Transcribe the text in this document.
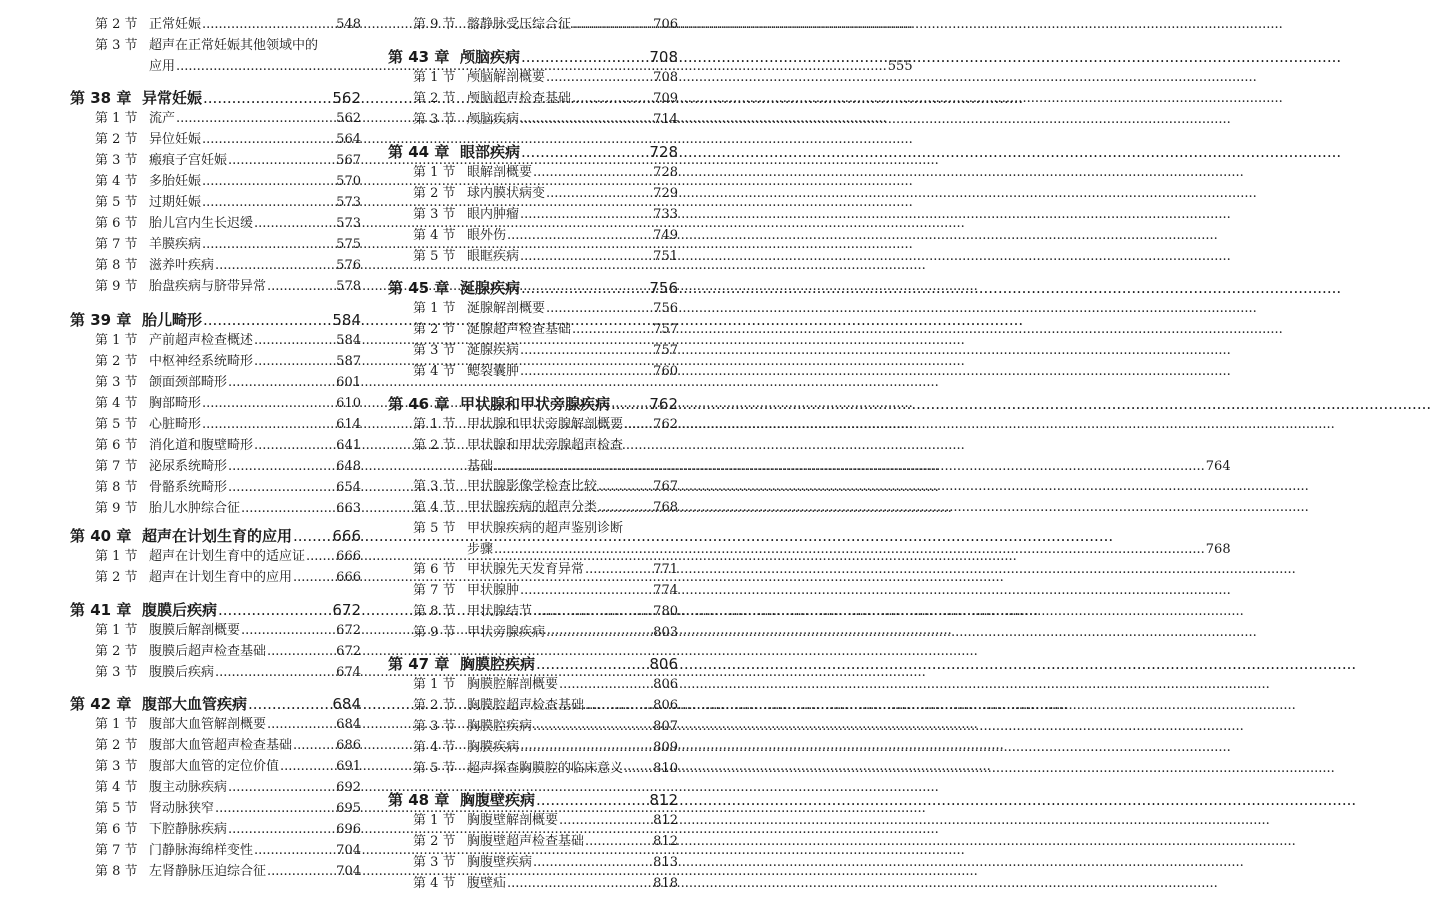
第 2 节 正常妊娠 .....	548
第 3 节 超声在正常妊娠其他领域中的
应用 .....	555
第 38 章 异常妊娠 .....	562
第 1 节 流产 .....	562
第 2 节 异位妊娠 .....	564
第 3 节 瘢痕子宫妊娠 .....	567
第 4 节 多胎妊娠 .....	570
第 5 节 过期妊娠 .....	573
第 6 节 胎儿宫内生长迟缓 .....	573
第 7 节 羊膜疾病 .....	575
第 8 节 滋养叶疾病 .....	576
第 9 节 胎盘疾病与脐带异常 .....	578
第 39 章 胎儿畸形 .....	584
第 1 节 产前超声检查概述 .....	584
第 2 节 中枢神经系统畸形 .....	587
第 3 节 颌面颈部畸形 .....	601
第 4 节 胸部畸形 .....	610
第 5 节 心脏畸形 .....	614
第 6 节 消化道和腹壁畸形 .....	641
第 7 节 泌尿系统畸形 .....	648
第 8 节 骨骼系统畸形 .....	654
第 9 节 胎儿水肿综合征 .....	663
第 40 章 超声在计划生育的应用 .....	666
第 1 节 超声在计划生育中的适应证 ..... 666
第 2 节 超声在计划生育中的应用 .....	666
第 41 章 腹膜后疾病 .....	672
第 1 节 腹膜后解剖概要 .....	672
第 2 节 腹膜后超声检查基础 .....	672
第 3 节 腹膜后疾病 .....	674
第 42 章 腹部大血管疾病 .....	684
第 1 节 腹部大血管解剖概要 .....	684
第 2 节 腹部大血管超声检查基础 .....	686
第 3 节 腹部大血管的定位价值 .....	691
第 4 节 腹主动脉疾病 .....	692
第 5 节 肾动脉狭窄 .....	695
第 6 节 下腔静脉疾病 .....	696
第 7 节 门静脉海绵样变性 .....	704
第 8 节 左肾静脉压迫综合征 .....	704
第 9 节 髂静脉受压综合征 .....	706
第 43 章 颅脑疾病 .....	708
第 1 节 颅脑解剖概要 .....	708
第 2 节 颅脑超声检查基础 .....	709
第 3 节 颅脑疾病 .....	714
第 44 章 眼部疾病 .....	728
第 1 节 眼解剖概要 .....	728
第 2 节 球内膜状病变 .....	729
第 3 节 眼内肿瘤 .....	733
第 4 节 眼外伤 .....	749
第 5 节 眼眶疾病 .....	751
第 45 章 涎腺疾病 .....	756
第 1 节 涎腺解剖概要 .....	756
第 2 节 涎腺超声检查基础 .....	757
第 3 节 涎腺疾病 .....	757
第 4 节 鳃裂囊肿 .....	760
第 46 章 甲状腺和甲状旁腺疾病 .....	762
第 1 节 甲状腺和甲状旁腺解剖概要 ..... 762
第 2 节 甲状腺和甲状旁腺超声检查
基础 .....	764
第 3 节 甲状腺影像学检查比较 .....	767
第 4 节 甲状腺疾病的超声分类 .....	768
第 5 节 甲状腺疾病的超声鉴别诊断
步骤 .....	768
第 6 节 甲状腺先天发育异常 .....	771
第 7 节 甲状腺肿 .....	774
第 8 节 甲状腺结节 .....	780
第 9 节 甲状旁腺疾病 .....	803
第 47 章 胸膜腔疾病 .....	806
第 1 节 胸膜腔解剖概要 .....	806
第 2 节 胸膜腔超声检查基础 .....	806
第 3 节 胸膜腔疾病 .....	807
第 4 节 胸膜疾病 .....	809
第 5 节 超声探查胸膜腔的临床意义 ..... 810
第 48 章 胸腹壁疾病 .....	812
第 1 节 胸腹壁解剖概要 .....	812
第 2 节 胸腹壁超声检查基础 .....	812
第 3 节 胸腹壁疾病 .....	813
第 4 节 腹壁疝 .....	818
